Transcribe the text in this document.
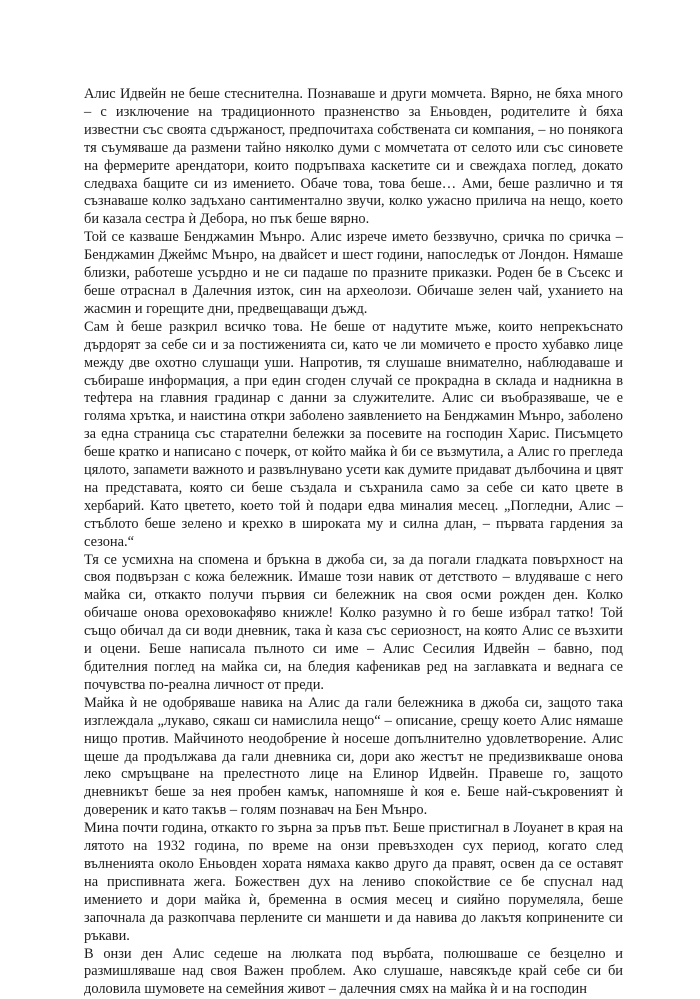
Алис Идвейн не беше стеснителна. Познаваше и други момчета. Вярно, не бяха много – с изключение на традиционното празненство за Еньовден, родителите ѝ бяха известни със своята сдържаност, предпочитаха собствената си компания, – но понякога тя съумяваше да размени тайно няколко думи с момчетата от селото или със синовете на фермерите арендатори, които подръпваха каскетите си и свеждаха поглед, докато следваха бащите си из имението. Обаче това, това беше… Ами, беше различно и тя съзнаваше колко задъхано сантиментално звучи, колко ужасно прилича на нещо, което би казала сестра ѝ Дебора, но пък беше вярно.

Той се казваше Бенджамин Мънро. Алис изрече името беззвучно, сричка по сричка – Бенджамин Джеймс Мънро, на двайсет и шест години, напоследък от Лондон. Нямаше близки, работеше усърдно и не си падаше по празните приказки. Роден бе в Съсекс и беше отраснал в Далечния изток, син на археолози. Обичаше зелен чай, уханието на жасмин и горещите дни, предвещаващи дъжд.

Сам ѝ беше разкрил всичко това. Не беше от надутите мъже, които непрекъснато дърдорят за себе си и за постиженията си, като че ли момичето е просто хубавко лице между две охотно слушащи уши. Напротив, тя слушаше внимателно, наблюдаваше и събираше информация, а при един сгоден случай се прокрадна в склада и надникна в тефтера на главния градинар с данни за служителите. Алис си въобразяваше, че е голяма хрътка, и наистина откри заболено заявлението на Бенджамин Мънро, заболено за една страница със старателни бележки за посевите на господин Харис. Писъмцето беше кратко и написано с почерк, от който майка ѝ би се възмутила, а Алис го прегледа цялото, запамети важното и развълнувано усети как думите придават дълбочина и цвят на представата, която си беше създала и съхранила само за себе си като цвете в хербарий. Като цветето, което той ѝ подари едва миналия месец. „Погледни, Алис – стъблото беше зелено и крехко в широката му и силна длан, – първата гардения за сезона.“

Тя се усмихна на спомена и бръкна в джоба си, за да погали гладката повърхност на своя подвързан с кожа бележник. Имаше този навик от детството – влудяваше с него майка си, откакто получи първия си бележник на своя осми рожден ден. Колко обичаше онова ореховокафяво книжле! Колко разумно ѝ го беше избрал татко! Той също обичал да си води дневник, така ѝ каза със сериозност, на която Алис се възхити и оцени. Беше написала пълното си име – Алис Сесилия Идвейн – бавно, под бдителния поглед на майка си, на бледия кафеникав ред на заглавката и веднага се почувства по-реална личност от преди.

Майка ѝ не одобряваше навика на Алис да гали бележника в джоба си, защото така изглеждала „лукаво, сякаш си намислила нещо“ – описание, срещу което Алис нямаше нищо против. Майчиното неодобрение ѝ носеше допълнително удовлетворение. Алис щеше да продължава да гали дневника си, дори ако жестът не предизвикваше онова леко смръщване на прелестното лице на Елинор Идвейн. Правеше го, защото дневникът беше за нея пробен камък, напомняше ѝ коя е. Беше най-съкровеният ѝ довереник и като такъв – голям познавач на Бен Мънро.

Мина почти година, откакто го зърна за пръв път. Беше пристигнал в Лоуанет в края на лятото на 1932 година, по време на онзи превъзходен сух период, когато след вълненията около Еньовден хората нямаха какво друго да правят, освен да се оставят на приспивната жега. Божествен дух на лениво спокойствие се бе спуснал над имението и дори майка ѝ, бременна в осмия месец и сияйно порумеляла, беше започнала да разкопчава перлените си маншети и да навива до лакътя копринените си ръкави.

В онзи ден Алис седеше на люлката под върбата, полюшваше се безцелно и размишляваше над своя Важен проблем. Ако слушаше, навсякъде край себе си би доловила шумовете на семейния живот – далечния смях на майка ѝ и на господин
